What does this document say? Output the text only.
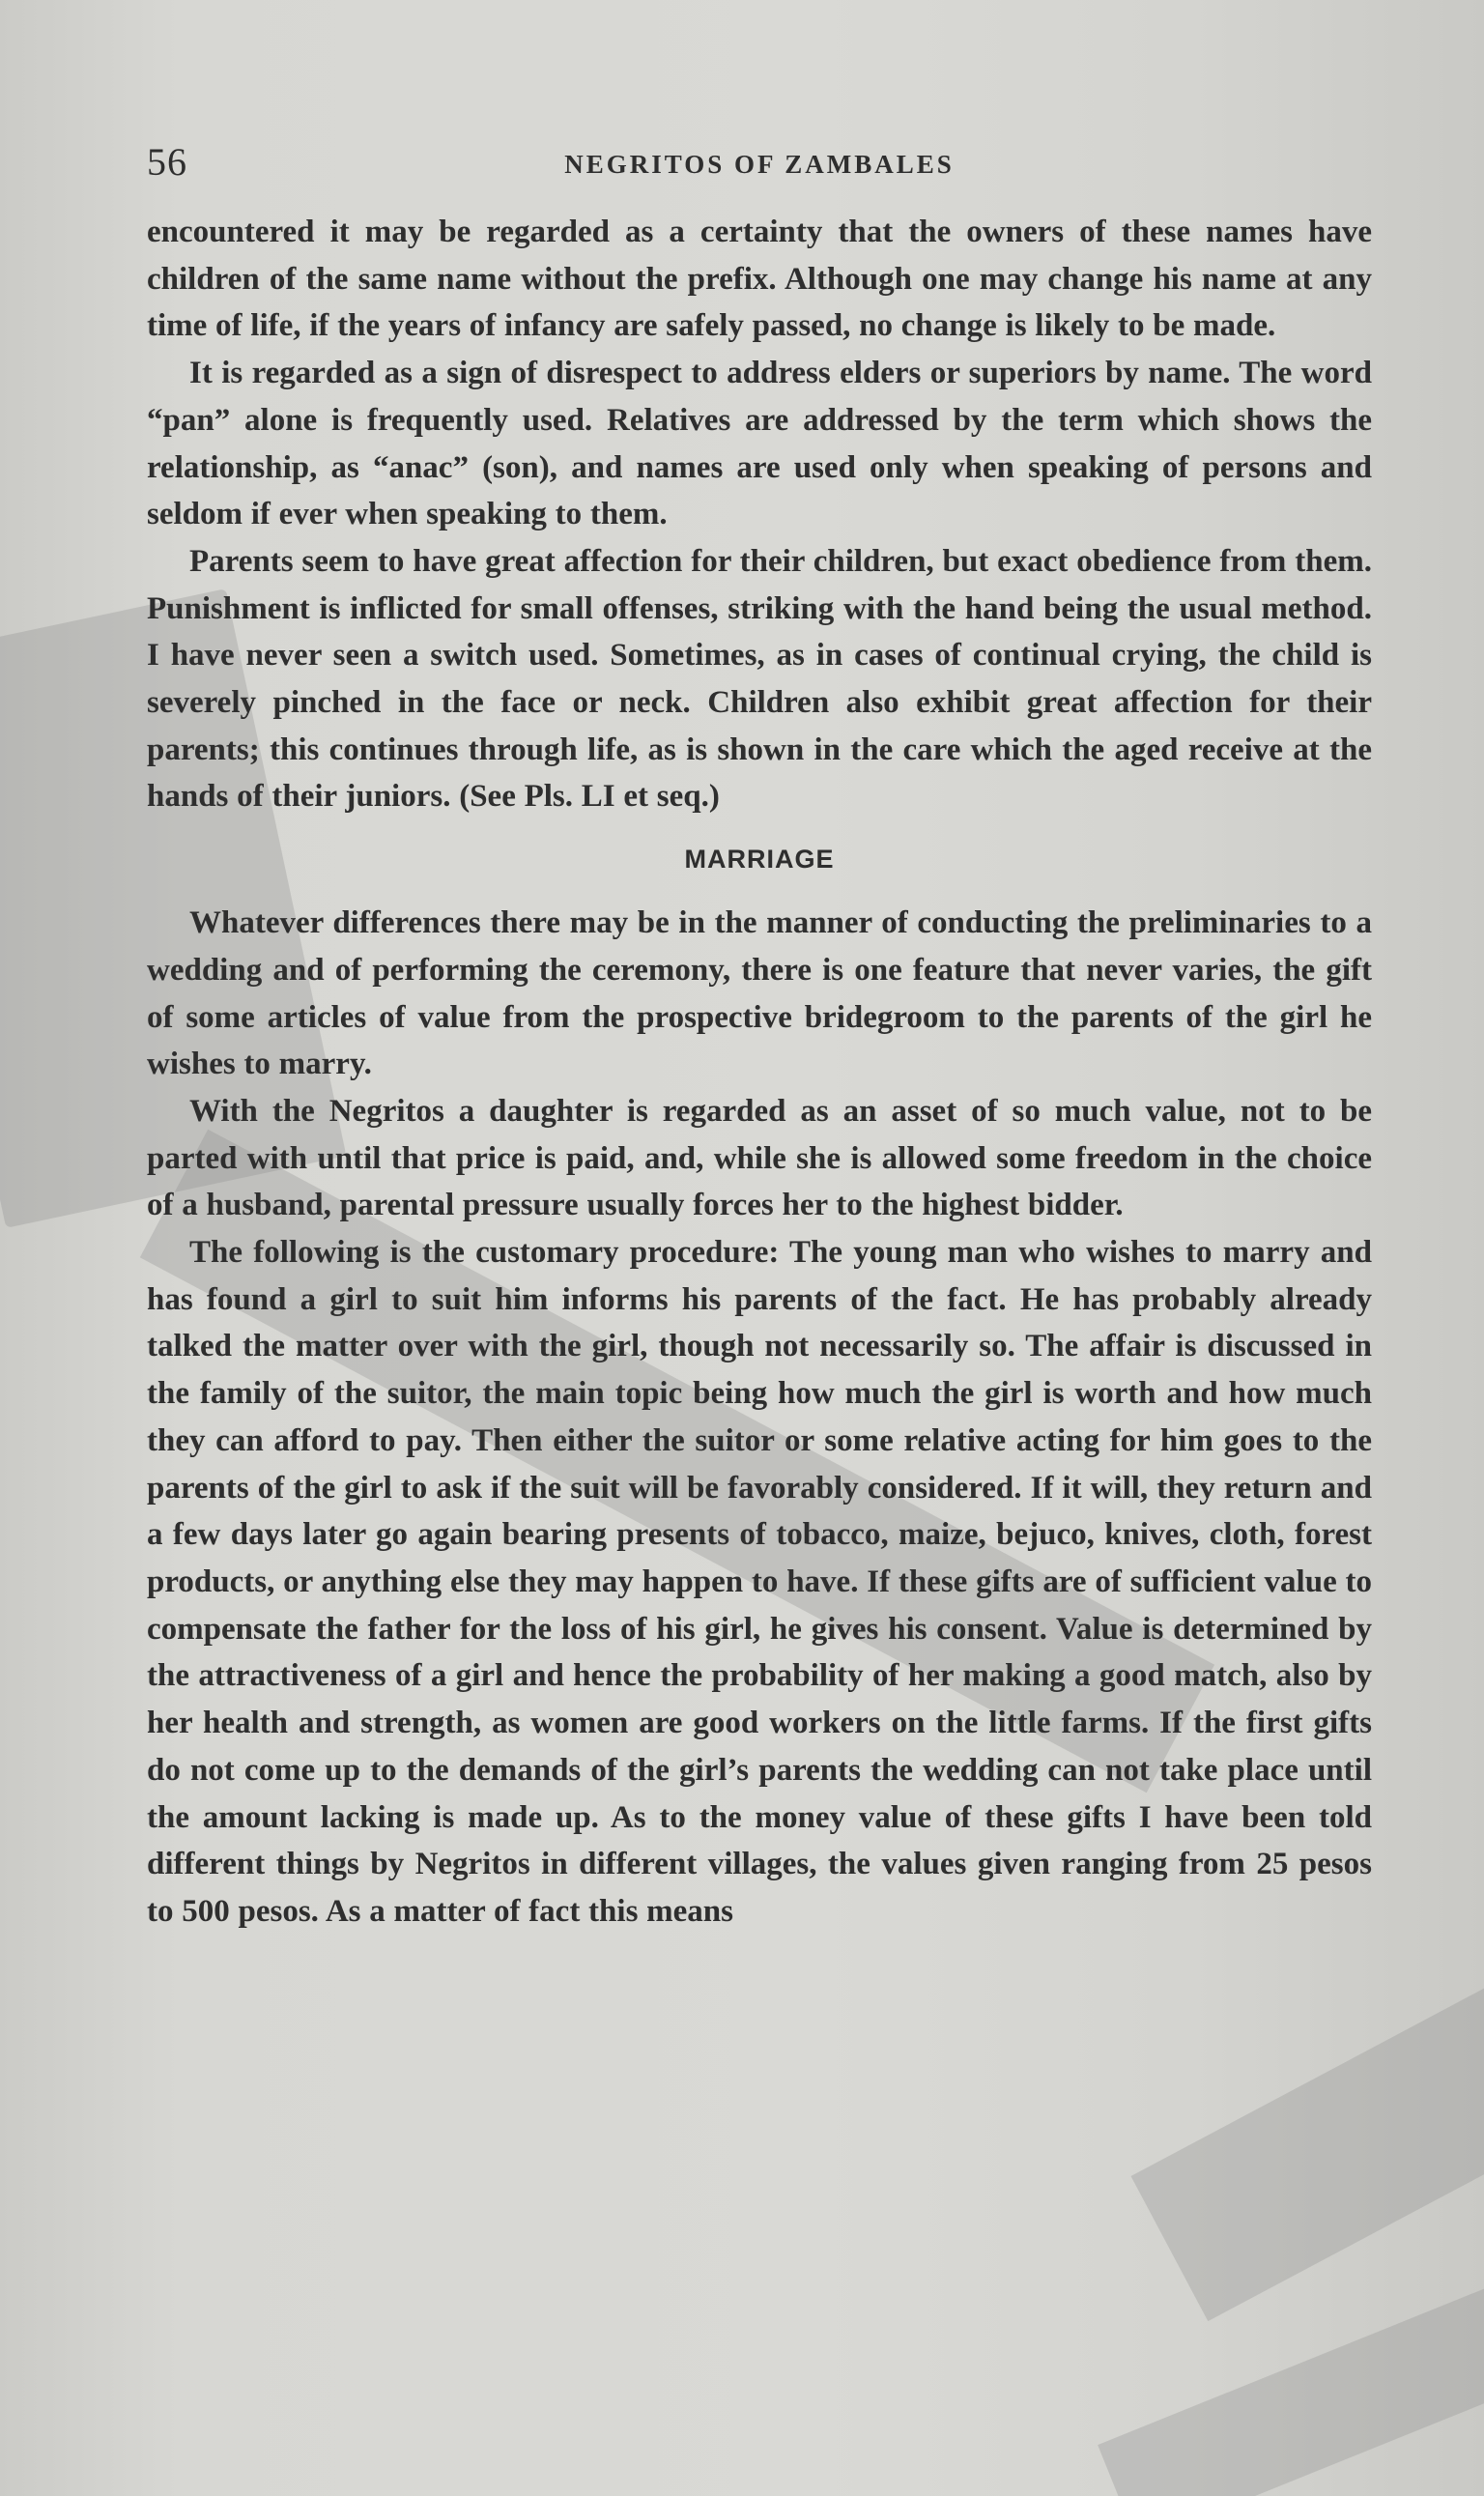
56	NEGRITOS OF ZAMBALES

encountered it may be regarded as a certainty that the owners of these names have children of the same name without the prefix. Although one may change his name at any time of life, if the years of infancy are safely passed, no change is likely to be made.

It is regarded as a sign of disrespect to address elders or superiors by name. The word “pan” alone is frequently used. Relatives are addressed by the term which shows the relationship, as “anac” (son), and names are used only when speaking of persons and seldom if ever when speaking to them.

Parents seem to have great affection for their children, but exact obedience from them. Punishment is inflicted for small offenses, striking with the hand being the usual method. I have never seen a switch used. Sometimes, as in cases of continual crying, the child is severely pinched in the face or neck. Children also exhibit great affection for their parents; this continues through life, as is shown in the care which the aged receive at the hands of their juniors. (See Pls. LI et seq.)

MARRIAGE

Whatever differences there may be in the manner of conducting the preliminaries to a wedding and of performing the ceremony, there is one feature that never varies, the gift of some articles of value from the prospective bridegroom to the parents of the girl he wishes to marry.

With the Negritos a daughter is regarded as an asset of so much value, not to be parted with until that price is paid, and, while she is allowed some freedom in the choice of a husband, parental pressure usually forces her to the highest bidder.

The following is the customary procedure: The young man who wishes to marry and has found a girl to suit him informs his parents of the fact. He has probably already talked the matter over with the girl, though not necessarily so. The affair is discussed in the family of the suitor, the main topic being how much the girl is worth and how much they can afford to pay. Then either the suitor or some relative acting for him goes to the parents of the girl to ask if the suit will be favorably considered. If it will, they return and a few days later go again bearing presents of tobacco, maize, bejuco, knives, cloth, forest products, or anything else they may happen to have. If these gifts are of sufficient value to compensate the father for the loss of his girl, he gives his consent. Value is determined by the attractiveness of a girl and hence the probability of her making a good match, also by her health and strength, as women are good workers on the little farms. If the first gifts do not come up to the demands of the girl’s parents the wedding can not take place until the amount lacking is made up. As to the money value of these gifts I have been told different things by Negritos in different villages, the values given ranging from 25 pesos to 500 pesos. As a matter of fact this means
